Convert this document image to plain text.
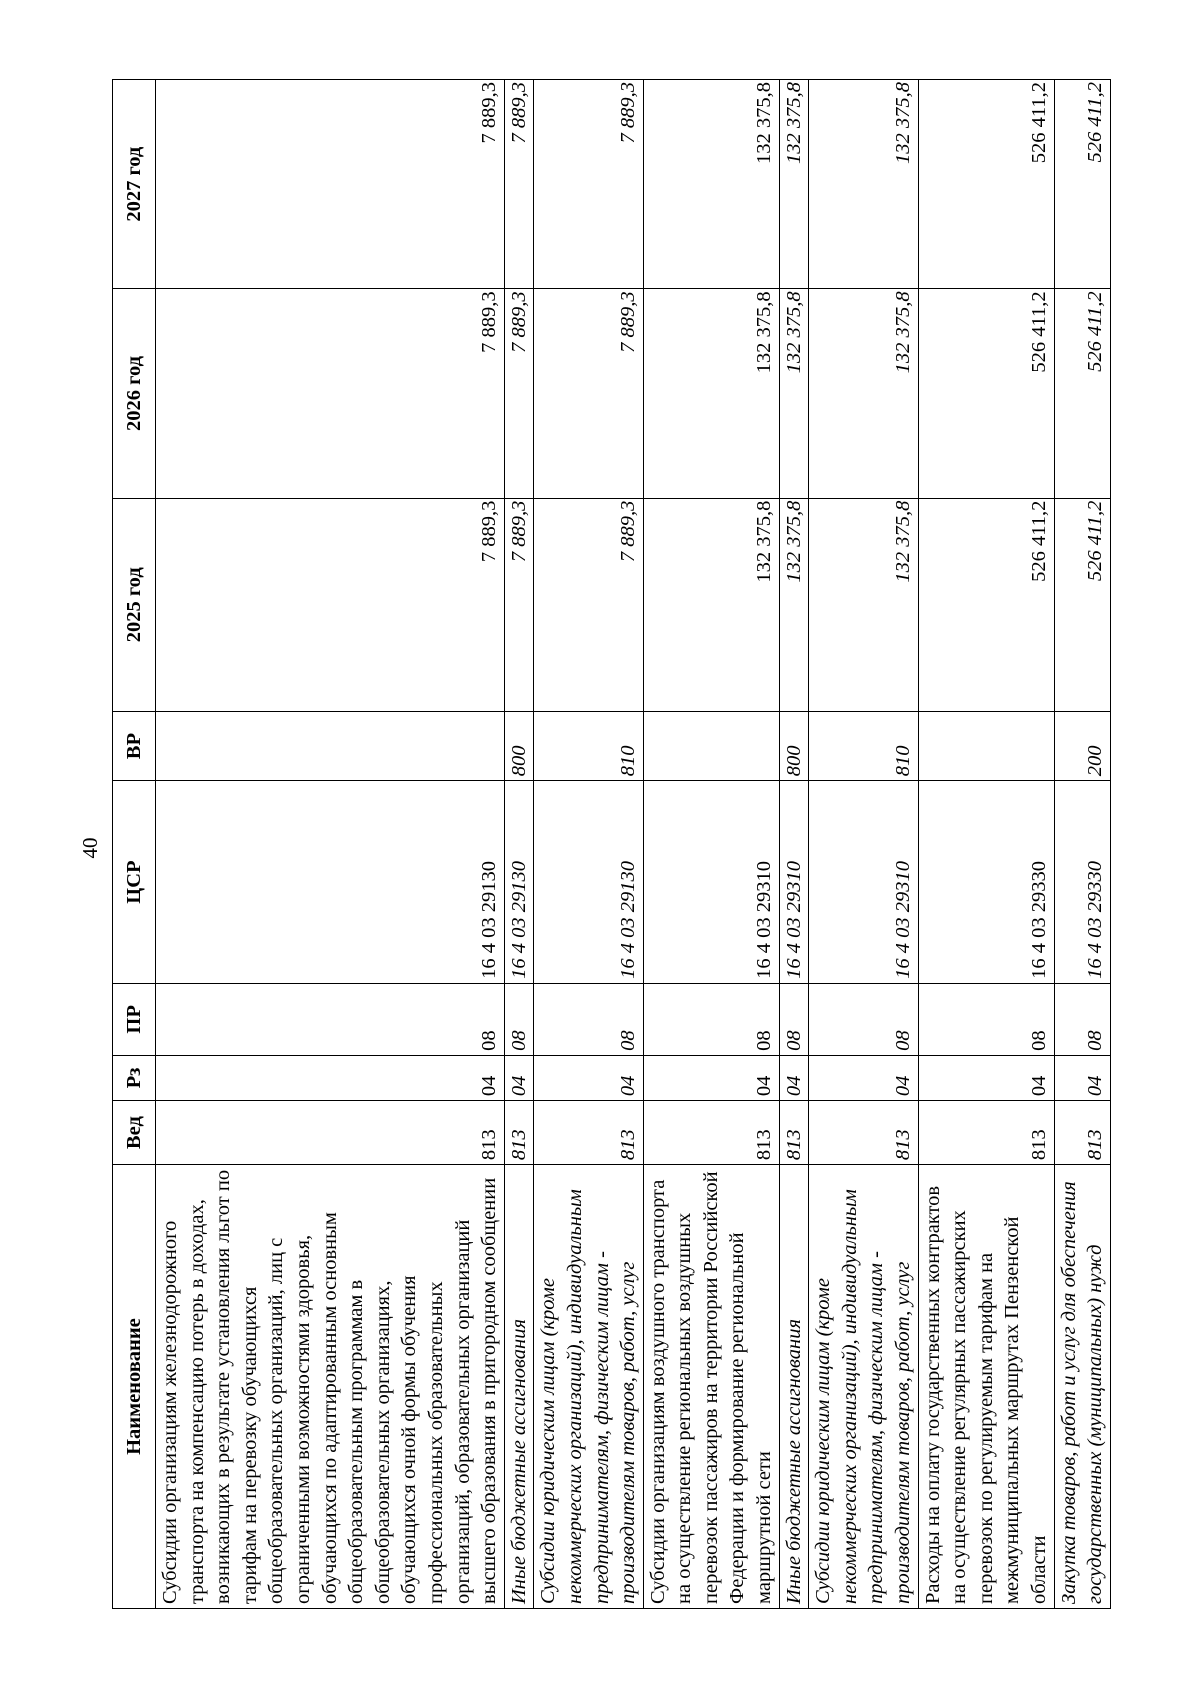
40
Наименование	Вед	Рз	ПР	ЦСР	ВР	2025 год	2026 год	2027 год
Субсидии организациям железнодорожного транспорта на компенсацию потерь в доходах, возникающих в результате установления льгот по тарифам на перевозку обучающихся общеобразовательных организаций, лиц с ограниченными возможностями здоровья, обучающихся по адаптированным основным общеобразовательным программам в общеобразовательных организациях, обучающихся очной формы обучения профессиональных образовательных организаций, образовательных организаций высшего образования в пригородном сообщении	813	04	08	16 4 03 29130		7 889,3	7 889,3	7 889,3
Иные бюджетные ассигнования	813	04	08	16 4 03 29130	800	7 889,3	7 889,3	7 889,3
Субсидии юридическим лицам (кроме некоммерческих организаций), индивидуальным предпринимателям, физическим лицам - производителям товаров, работ, услуг	813	04	08	16 4 03 29130	810	7 889,3	7 889,3	7 889,3
Субсидии организациям воздушного транспорта на осуществление региональных воздушных перевозок пассажиров на территории Российской Федерации и формирование региональной маршрутной сети	813	04	08	16 4 03 29310		132 375,8	132 375,8	132 375,8
Иные бюджетные ассигнования	813	04	08	16 4 03 29310	800	132 375,8	132 375,8	132 375,8
Субсидии юридическим лицам (кроме некоммерческих организаций), индивидуальным предпринимателям, физическим лицам - производителям товаров, работ, услуг	813	04	08	16 4 03 29310	810	132 375,8	132 375,8	132 375,8
Расходы на оплату государственных контрактов на осуществление регулярных пассажирских перевозок по регулируемым тарифам на межмуниципальных маршрутах Пензенской области	813	04	08	16 4 03 29330		526 411,2	526 411,2	526 411,2
Закупка товаров, работ и услуг для обеспечения государственных (муниципальных) нужд	813	04	08	16 4 03 29330	200	526 411,2	526 411,2	526 411,2
